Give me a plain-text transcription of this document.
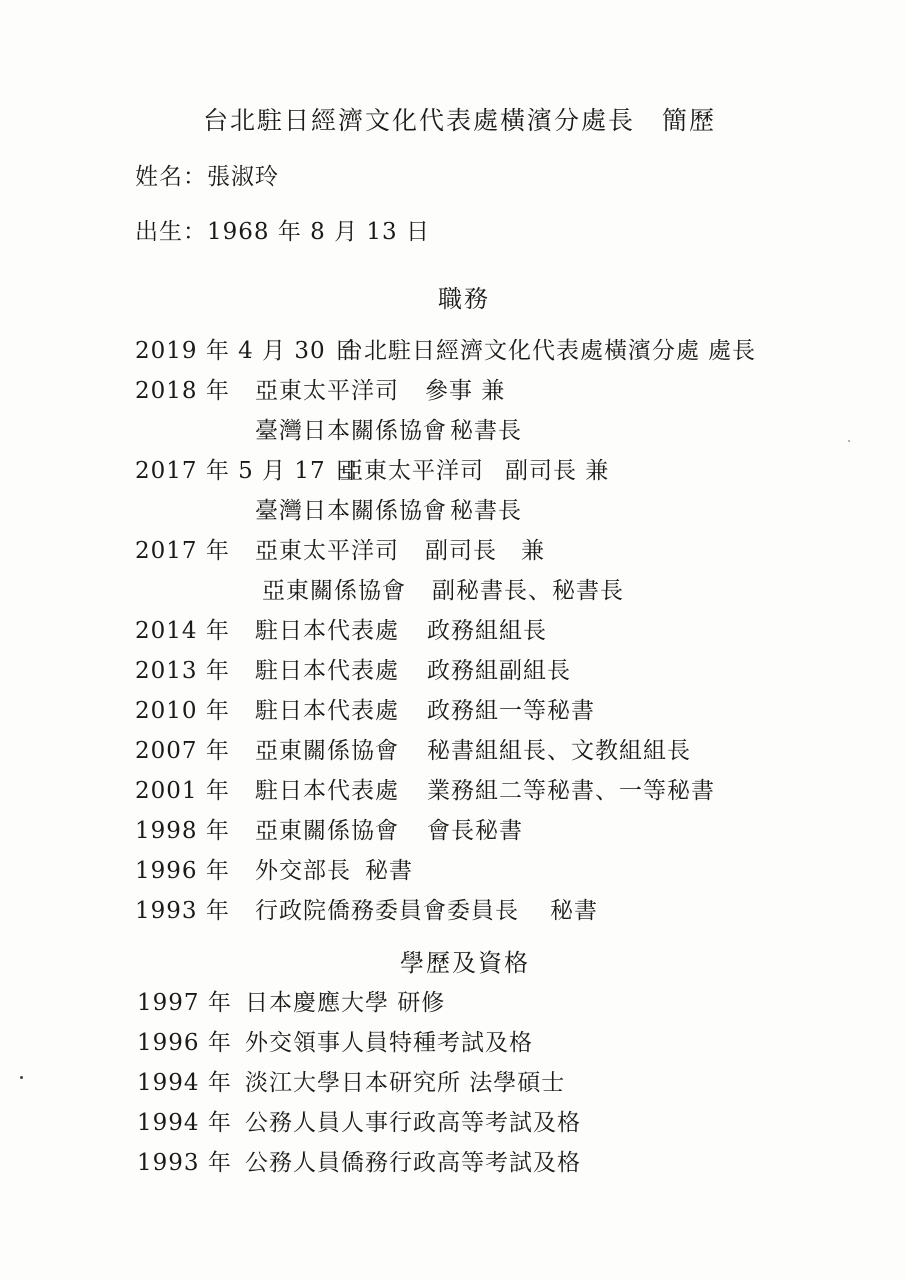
台北駐日經濟文化代表處橫濱分處長　簡歷
姓名：張淑玲
出生：1968 年 8 月 13 日
職務
2019 年 4 月 30 日
台北駐日經濟文化代表處橫濱分處 處長
2018 年 亞東太平洋司 參事 兼
臺灣日本關係協會 秘書長
2017 年 5 月 17 日
亞東太平洋司 副司長 兼
臺灣日本關係協會 秘書長
2017 年 亞東太平洋司 副司長　兼
亞東關係協會 副秘書長、秘書長
2014 年 駐日本代表處 政務組組長
2013 年 駐日本代表處 政務組副組長
2010 年 駐日本代表處 政務組一等秘書
2007 年 亞東關係協會 秘書組組長、文教組組長
2001 年 駐日本代表處 業務組二等秘書、一等秘書
1998 年 亞東關係協會 會長秘書
1996 年 外交部長 秘書
1993 年 行政院僑務委員會委員長 秘書
學歷及資格
1997 年 日本慶應大學 研修
1996 年 外交領事人員特種考試及格
1994 年 淡江大學日本研究所 法學碩士
1994 年 公務人員人事行政高等考試及格
1993 年 公務人員僑務行政高等考試及格
